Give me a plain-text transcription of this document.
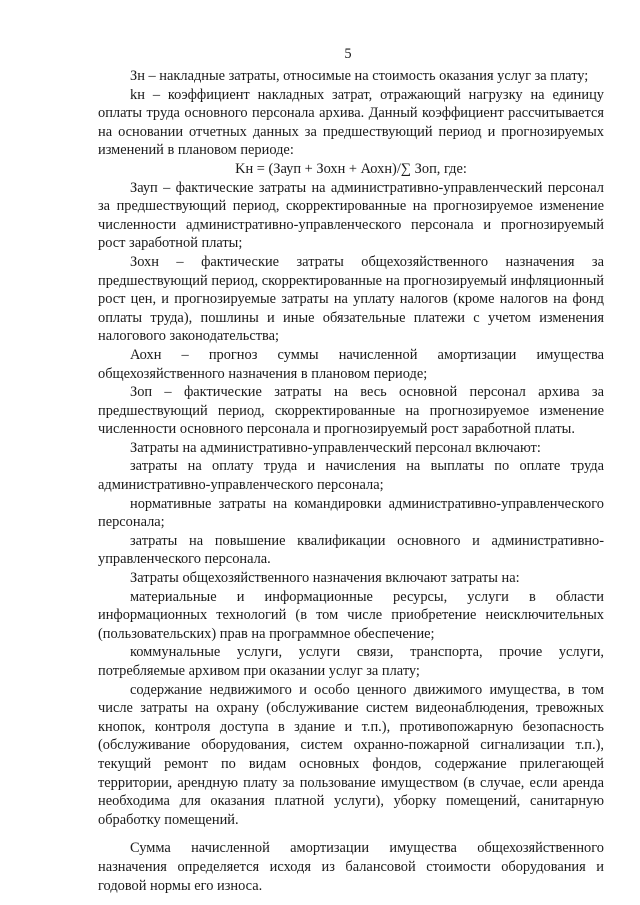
5

Зн – накладные затраты, относимые на стоимость оказания услуг за плату;

kн – коэффициент накладных затрат, отражающий нагрузку на единицу оплаты труда основного персонала архива. Данный коэффициент рассчитывается на основании отчетных данных за предшествующий период и прогнозируемых изменений в плановом периоде:

Kн = (Зауп + Зохн + Аохн)/∑ Зоп, где:

Зауп – фактические затраты на административно-управленческий персонал за предшествующий период, скорректированные на прогнозируемое изменение численности административно-управленческого персонала и прогнозируемый рост заработной платы;

Зохн – фактические затраты общехозяйственного назначения за предшествующий период, скорректированные на прогнозируемый инфляционный рост цен, и прогнозируемые затраты на уплату налогов (кроме налогов на фонд оплаты труда), пошлины и иные обязательные платежи с учетом изменения налогового законодательства;

Аохн – прогноз суммы начисленной амортизации имущества общехозяйственного назначения в плановом периоде;

Зоп – фактические затраты на весь основной персонал архива за предшествующий период, скорректированные на прогнозируемое изменение численности основного персонала и прогнозируемый рост заработной платы.

Затраты на административно-управленческий персонал включают:

затраты на оплату труда и начисления на выплаты по оплате труда административно-управленческого персонала;

нормативные затраты на командировки административно-управленческого персонала;

затраты на повышение квалификации основного и административно-управленческого персонала.

Затраты общехозяйственного назначения включают затраты на:

материальные и информационные ресурсы, услуги в области информационных технологий (в том числе приобретение неисключительных (пользовательских) прав на программное обеспечение;

коммунальные услуги, услуги связи, транспорта, прочие услуги, потребляемые архивом при оказании услуг за плату;

содержание недвижимого и особо ценного движимого имущества, в том числе затраты на охрану (обслуживание систем видеонаблюдения, тревожных кнопок, контроля доступа в здание и т.п.), противопожарную безопасность (обслуживание оборудования, систем охранно-пожарной сигнализации т.п.), текущий ремонт по видам основных фондов, содержание прилегающей территории, арендную плату за пользование имуществом (в случае, если аренда необходима для оказания платной услуги), уборку помещений, санитарную обработку помещений.

Сумма начисленной амортизации имущества общехозяйственного назначения определяется исходя из балансовой стоимости оборудования и годовой нормы его износа.
